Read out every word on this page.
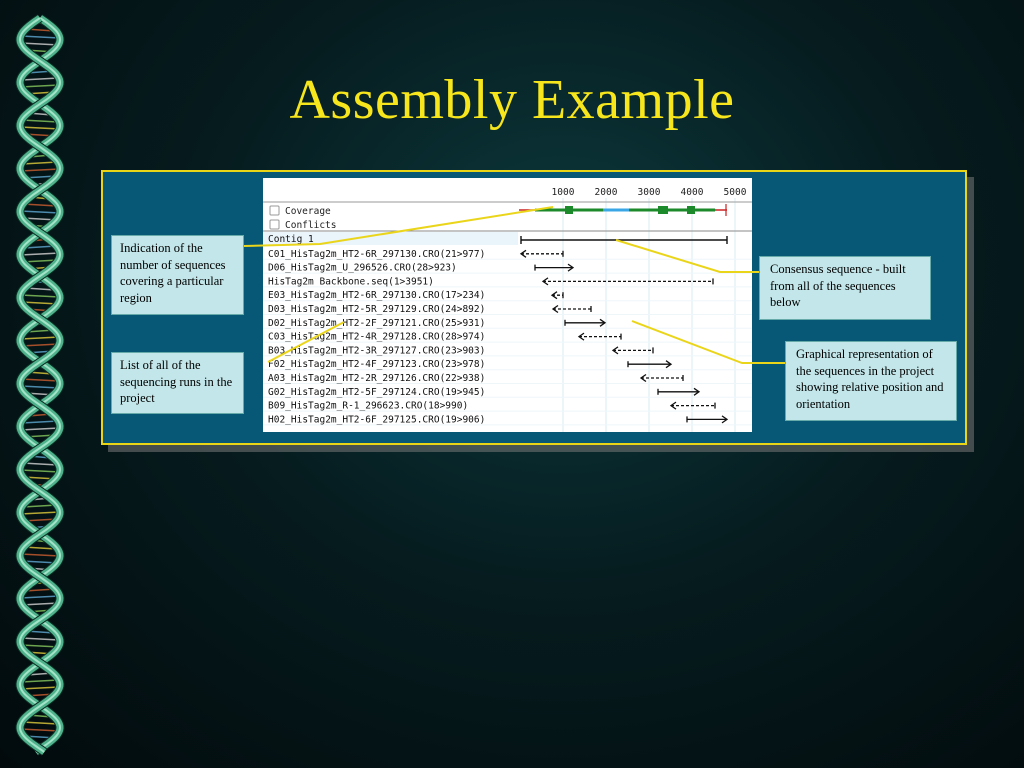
Assembly Example
1000 2000 3000 4000 5000
Coverage
Conflicts
Contig 1
C01_HisTag2m_HT2-6R_297130.CRO(21>977)
D06_HisTag2m_U_296526.CRO(28>923)
HisTag2m Backbone.seq(1>3951)
E03_HisTag2m_HT2-6R_297130.CRO(17>234)
D03_HisTag2m_HT2-5R_297129.CRO(24>892)
D02_HisTag2m_HT2-2F_297121.CRO(25>931)
C03_HisTag2m_HT2-4R_297128.CRO(28>974)
B03_HisTag2m_HT2-3R_297127.CRO(23>903)
F02_HisTag2m_HT2-4F_297123.CRO(23>978)
A03_HisTag2m_HT2-2R_297126.CRO(22>938)
G02_HisTag2m_HT2-5F_297124.CRO(19>945)
B09_HisTag2m_R-1_296623.CRO(18>990)
H02_HisTag2m_HT2-6F_297125.CRO(19>906)
Indication of the number of sequences covering a particular region
List of all of the sequencing runs in the project
Consensus sequence - built from all of the sequences below
Graphical representation of the sequences in the project showing relative position and orientation
